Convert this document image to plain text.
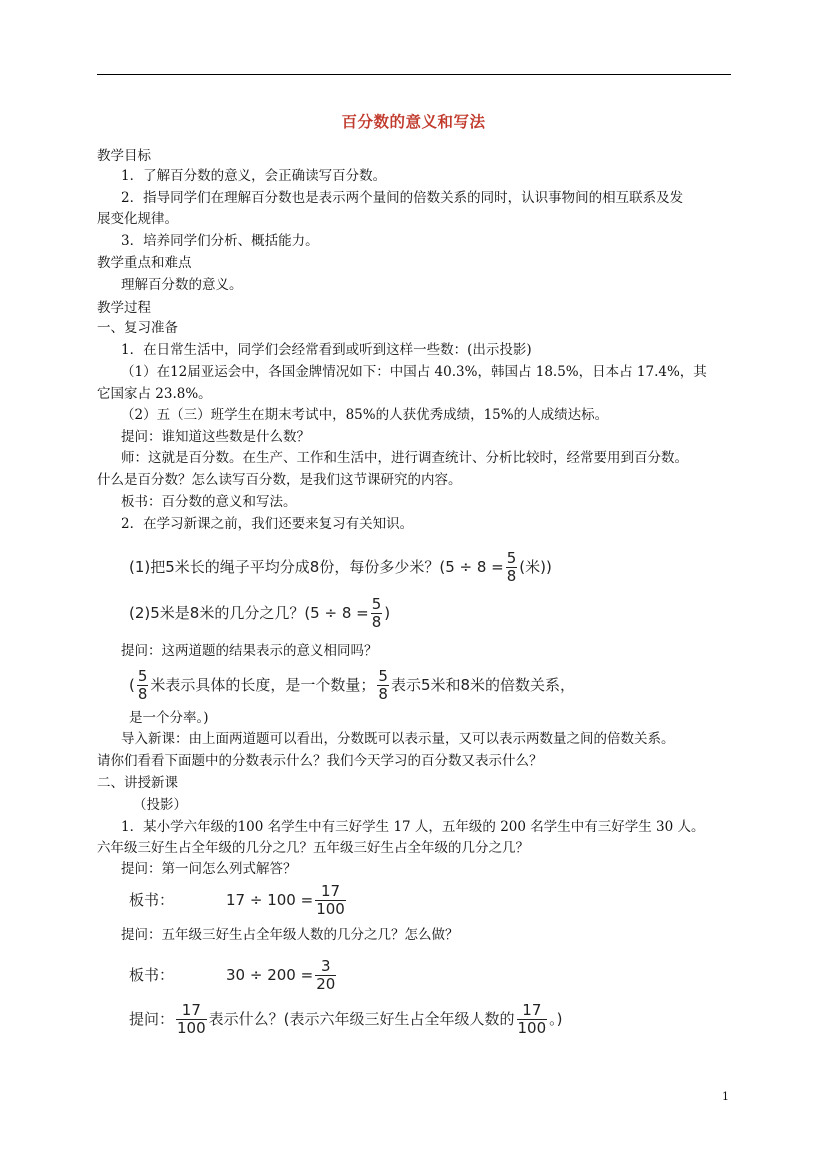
百分数的意义和写法
教学目标
1．了解百分数的意义，会正确读写百分数。
2．指导同学们在理解百分数也是表示两个量间的倍数关系的同时，认识事物间的相互联系及发
展变化规律。
3．培养同学们分析、概括能力。
教学重点和难点
理解百分数的意义。
教学过程
一、复习准备
1．在日常生活中，同学们会经常看到或听到这样一些数：(出示投影)
（1）在12届亚运会中，各国金牌情况如下：中国占 40.3%，韩国占 18.5%，日本占 17.4%，其
它国家占 23.8%。
（2）五（三）班学生在期末考试中，85%的人获优秀成绩，15%的人成绩达标。
提问：谁知道这些数是什么数？
师：这就是百分数。在生产、工作和生活中，进行调查统计、分析比较时，经常要用到百分数。
什么是百分数？怎么读写百分数，是我们这节课研究的内容。
板书：百分数的意义和写法。
2．在学习新课之前，我们还要来复习有关知识。
(1)把5米长的绳子平均分成8份，每份多少米？($5 \div 8 = \frac{5}{8}$ (米))
(2)5米是8米的几分之几？($5 \div 8 = \frac{5}{8}$ )
提问：这两道题的结果表示的意义相同吗？
( $\frac{5}{8}$ 米表示具体的长度，是一个数量； $\frac{5}{8}$ 表示5米和8米的倍数关系，
是一个分率。)
导入新课：由上面两道题可以看出，分数既可以表示量，又可以表示两数量之间的倍数关系。
请你们看看下面题中的分数表示什么？我们今天学习的百分数又表示什么？
二、讲授新课
（投影）
1．某小学六年级的100 名学生中有三好学生 17 人，五年级的 200 名学生中有三好学生 30 人。
六年级三好生占全年级的几分之几？五年级三好生占全年级的几分之几？
提问：第一问怎么列式解答？
板书：	$17 \div 100 = \frac{17}{100}$
提问：五年级三好生占全年级人数的几分之几？怎么做？
板书：	$30 \div 200 = \frac{3}{20}$
提问： $\frac{17}{100}$ 表示什么？(表示六年级三好生占全年级人数的 $\frac{17}{100}$ 。)
1
